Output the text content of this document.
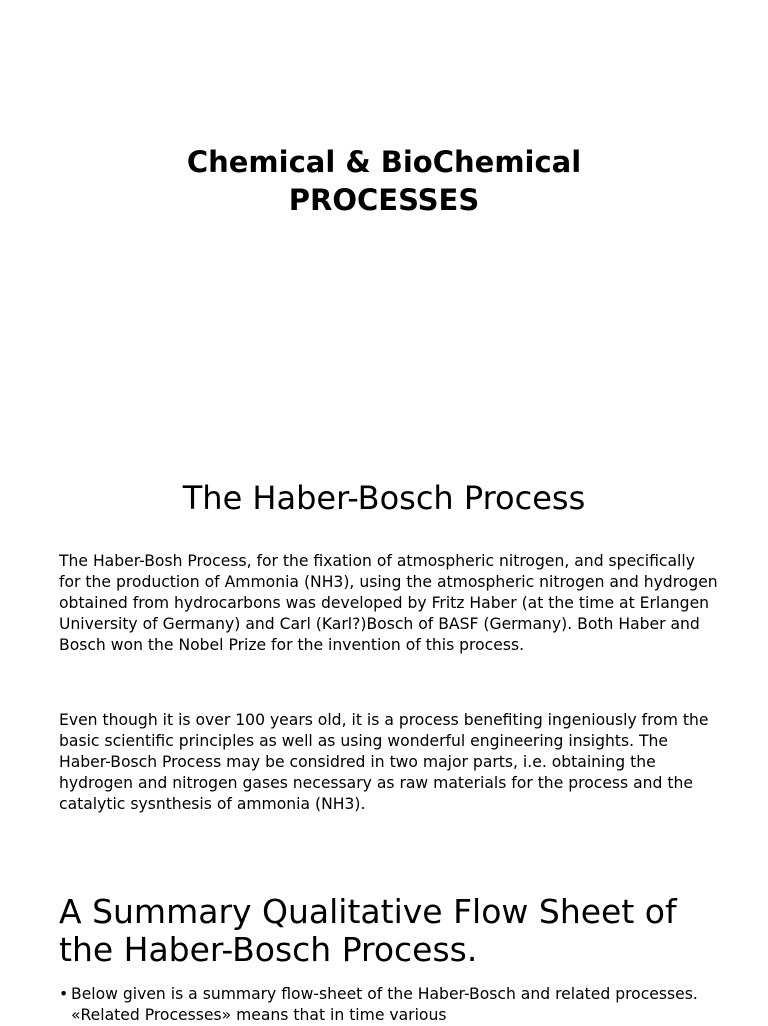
Chemical & BioChemical
PROCESSES
The Haber-Bosch Process
The Haber-Bosh Process, for the fixation of atmospheric nitrogen, and specifically for the production of Ammonia (NH3), using the atmospheric nitrogen and hydrogen obtained from hydrocarbons was developed by Fritz Haber (at the time at Erlangen University of Germany) and Carl (Karl?)Bosch of BASF (Germany). Both Haber and Bosch won the Nobel Prize for the invention of this process.
Even though it is over 100 years old, it is a process benefiting ingeniously from the basic scientific principles as well as using wonderful engineering insights. The Haber-Bosch Process may be considred in two major parts, i.e. obtaining the hydrogen and nitrogen gases necessary as raw materials for the process and the catalytic sysnthesis of ammonia (NH3).
A Summary Qualitative Flow Sheet of the Haber-Bosch Process.
• Below given is a summary flow-sheet of the Haber-Bosch and related processes. «Related Processes» means that in time various
